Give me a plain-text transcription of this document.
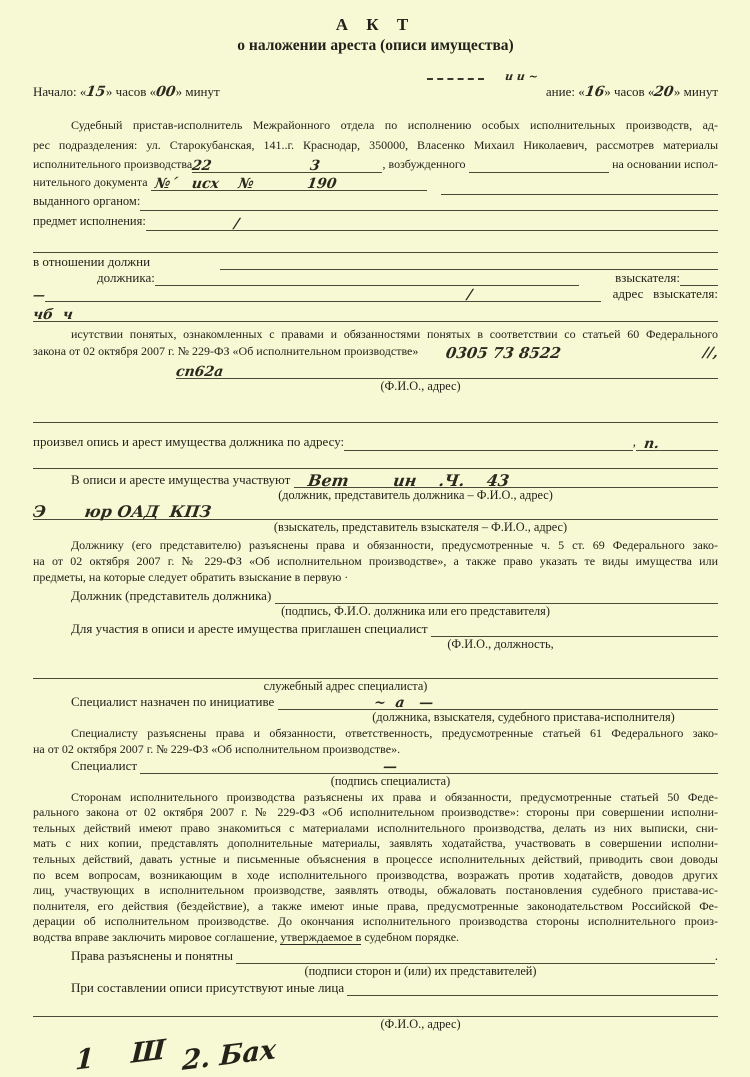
и и ~
А К Т
о наложении ареста (описи имущества)
Начало: «15» часов «00» минут	ание: «16» часов «20» минут
Судебный пристав-исполнитель Межрайонного отдела по исполнению особых исполнительных производств, ад-
рес подразделения: ул. Старокубанская, 141..г. Краснодар, 350000, Власенко Михаил Николаевич, рассмотрев материалы
исполнительного производства
22	3	, возбужденного	на основании испол-
нительного документа №´   исх    №           190
выданного органом:
предмет исполнения:	/
в отношении должни
должника:	взыскателя:
—	/	адрес   взыскателя:
чб  ч
исутствии понятых, ознакомленных с правами и обязанностями понятых в соответствии со статьей 60 Федерального
закона от 02 октября 2007 г. № 229-ФЗ «Об исполнительном производстве» 0305 73 8522	//,
сп62а
(Ф.И.О., адрес)
произвел опись и арест имущества должника по адресу:	, п.
В описи и аресте имущества участвуют Вет        ин    .Ч.    43
(должник, представитель должника – Ф.И.О., адрес)
Э       юр ОАД  КПЗ
(взыскатель, представитель взыскателя – Ф.И.О., адрес)
Должнику (его представителю) разъяснены права и обязанности, предусмотренные ч. 5 ст. 69 Федерального зако-
на от 02 октября 2007 г. № 229-ФЗ «Об исполнительном производстве», а также право указать те виды имущества или
предметы, на которые следует обратить взыскание в первую ·
Должник (представитель должника)
(подпись, Ф.И.О. должника или его представителя)
Для участия в описи и аресте имущества приглашен специалист
(Ф.И.О., должность,
служебный адрес специалиста)
Специалист назначен по инициативе	~  а   —
(должника, взыскателя, судебного пристава-исполнителя)
Специалисту разъяснены права и обязанности, ответственность, предусмотренные статьей 61 Федерального зако-
на от 02 октября 2007 г. № 229-ФЗ «Об исполнительном производстве».
Специалист	—
(подпись специалиста)
Сторонам исполнительного производства разъяснены их права и обязанности, предусмотренные статьей 50 Феде-
рального закона от 02 октября 2007 г. № 229-ФЗ «Об исполнительном производстве»: стороны при совершении исполни-
тельных действий имеют право знакомиться с материалами исполнительного производства, делать из них выписки, сни-
мать с них копии, представлять дополнительные материалы, заявлять ходатайства, участвовать в совершении исполни-
тельных действий, давать устные и письменные объяснения в процессе исполнительных действий, приводить свои доводы
по всем вопросам, возникающим в ходе исполнительного производства, возражать против ходатайств, доводов других
лиц, участвующих в исполнительном производстве, заявлять отводы, обжаловать постановления судебного пристава-ис-
полнителя, его действия (бездействие), а также имеют иные права, предусмотренные законодательством Российской Фе-
дерации об исполнительном производстве. До окончания исполнительного производства стороны исполнительного произ-
водства вправе заключить мировое соглашение, утверждаемое в судебном порядке.
Права разъяснены и понятны	.
(подписи сторон и (или) их представителей)
При составлении описи присутствуют иные лица
(Ф.И.О., адрес)
1    Ш 2. Бах
